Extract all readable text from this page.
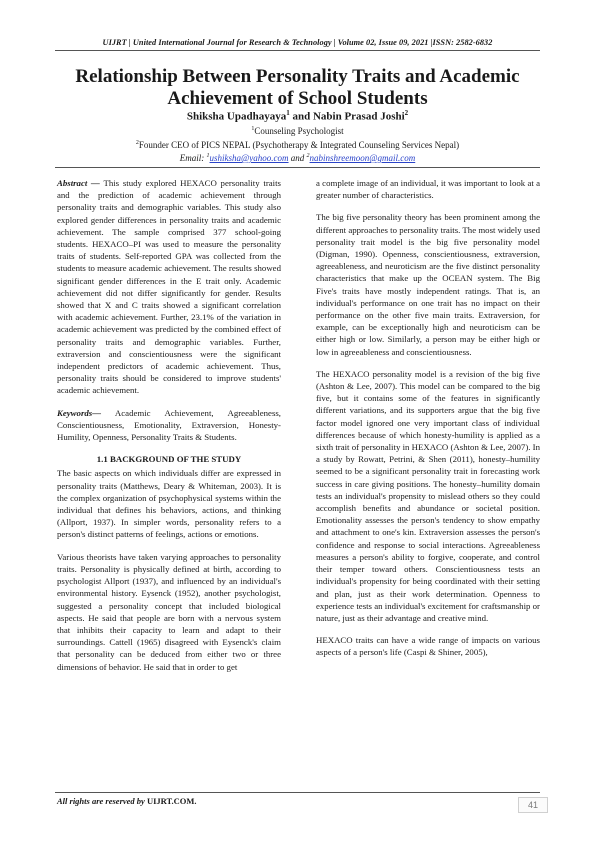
UIJRT | United International Journal for Research & Technology | Volume 02, Issue 09, 2021 |ISSN: 2582-6832
Relationship Between Personality Traits and Academic Achievement of School Students
Shiksha Upadhayaya$^1$ and Nabin Prasad Joshi$^2$
$^1$Counseling Psychologist
$^2$Founder CEO of PICS NEPAL (Psychotherapy & Integrated Counseling Services Nepal)
Email: $^1$ushiksha@yahoo.com and $^2$nabinshreemoon@gmail.com

Abstract — This study explored HEXACO personality traits and the prediction of academic achievement through personality traits and demographic variables. This study also explored gender differences in personality traits and academic achievement. The sample comprised 377 school-going students. HEXACO–PI was used to measure the personality traits of students. Self-reported GPA was collected from the students to measure academic achievement. The results showed significant gender differences in the E trait only. Academic achievement did not differ significantly for gender. Results showed that X and C traits showed a significant correlation with academic achievement. Further, 23.1% of the variation in academic achievement was predicted by the combined effect of personality traits and demographic variables. Further, extraversion and conscientiousness were the significant independent predictors of academic achievement. Thus, personality traits should be considered to improve students' academic achievement.

Keywords— Academic Achievement, Agreeableness, Conscientiousness, Emotionality, Extraversion, Honesty-Humility, Openness, Personality Traits & Students.

1.1 BACKGROUND OF THE STUDY

The basic aspects on which individuals differ are expressed in personality traits (Matthews, Deary & Whiteman, 2003). It is the complex organization of psychophysical systems within the individual that defines his behaviors, actions, and thinking (Allport, 1937). In simpler words, personality refers to a person's distinct patterns of feelings, actions or emotions.

Various theorists have taken varying approaches to personality traits. Personality is physically defined at birth, according to psychologist Allport (1937), and influenced by an individual's environmental history. Eysenck (1952), another psychologist, suggested a personality concept that included biological aspects. He said that people are born with a nervous system that inhibits their capacity to learn and adapt to their surroundings. Cattell (1965) disagreed with Eysenck's claim that personality can be deduced from either two or three dimensions of behavior. He said that in order to get

a complete image of an individual, it was important to look at a greater number of characteristics.

The big five personality theory has been prominent among the different approaches to personality traits. The most widely used personality trait model is the big five personality model (Digman, 1990). Openness, conscientiousness, extraversion, agreeableness, and neuroticism are the five distinct personality characteristics that make up the OCEAN system. The Big Five's traits have mostly independent ratings. That is, an individual's performance on one trait has no impact on their performance on the other five main traits. Extraversion, for example, can be exceptionally high and neuroticism can be either high or low. Similarly, a person may be either high or low in agreeableness and conscientiousness.

The HEXACO personality model is a revision of the big five (Ashton & Lee, 2007). This model can be compared to the big five, but it contains some of the features in significantly different variations, and its supporters argue that the big five factor model ignored one very important class of individual differences because of which honesty-humility is applied as a sixth trait of personality in HEXACO (Ashton & Lee, 2007). In a study by Rowatt, Petrini, & Shen (2011), honesty–humility seemed to be a significant personality trait in forecasting work success in care giving positions. The honesty–humility domain tests an individual's propensity to mislead others so they could accomplish benefits and abundance or societal position. Emotionality assesses the person's tendency to show empathy and attachment to one's kin. Extraversion assesses the person's confidence and response to social interactions. Agreeableness measures a person's ability to forgive, cooperate, and control their temper toward others. Conscientiousness tests an individual's propensity for being coordinated with their setting and plan, just as their work determination. Openness to experience tests an individual's excitement for craftsmanship or nature, just as their advantage and creative mind.

HEXACO traits can have a wide range of impacts on various aspects of a person's life (Caspi & Shiner, 2005),

All rights are reserved by UIJRT.COM.	41
